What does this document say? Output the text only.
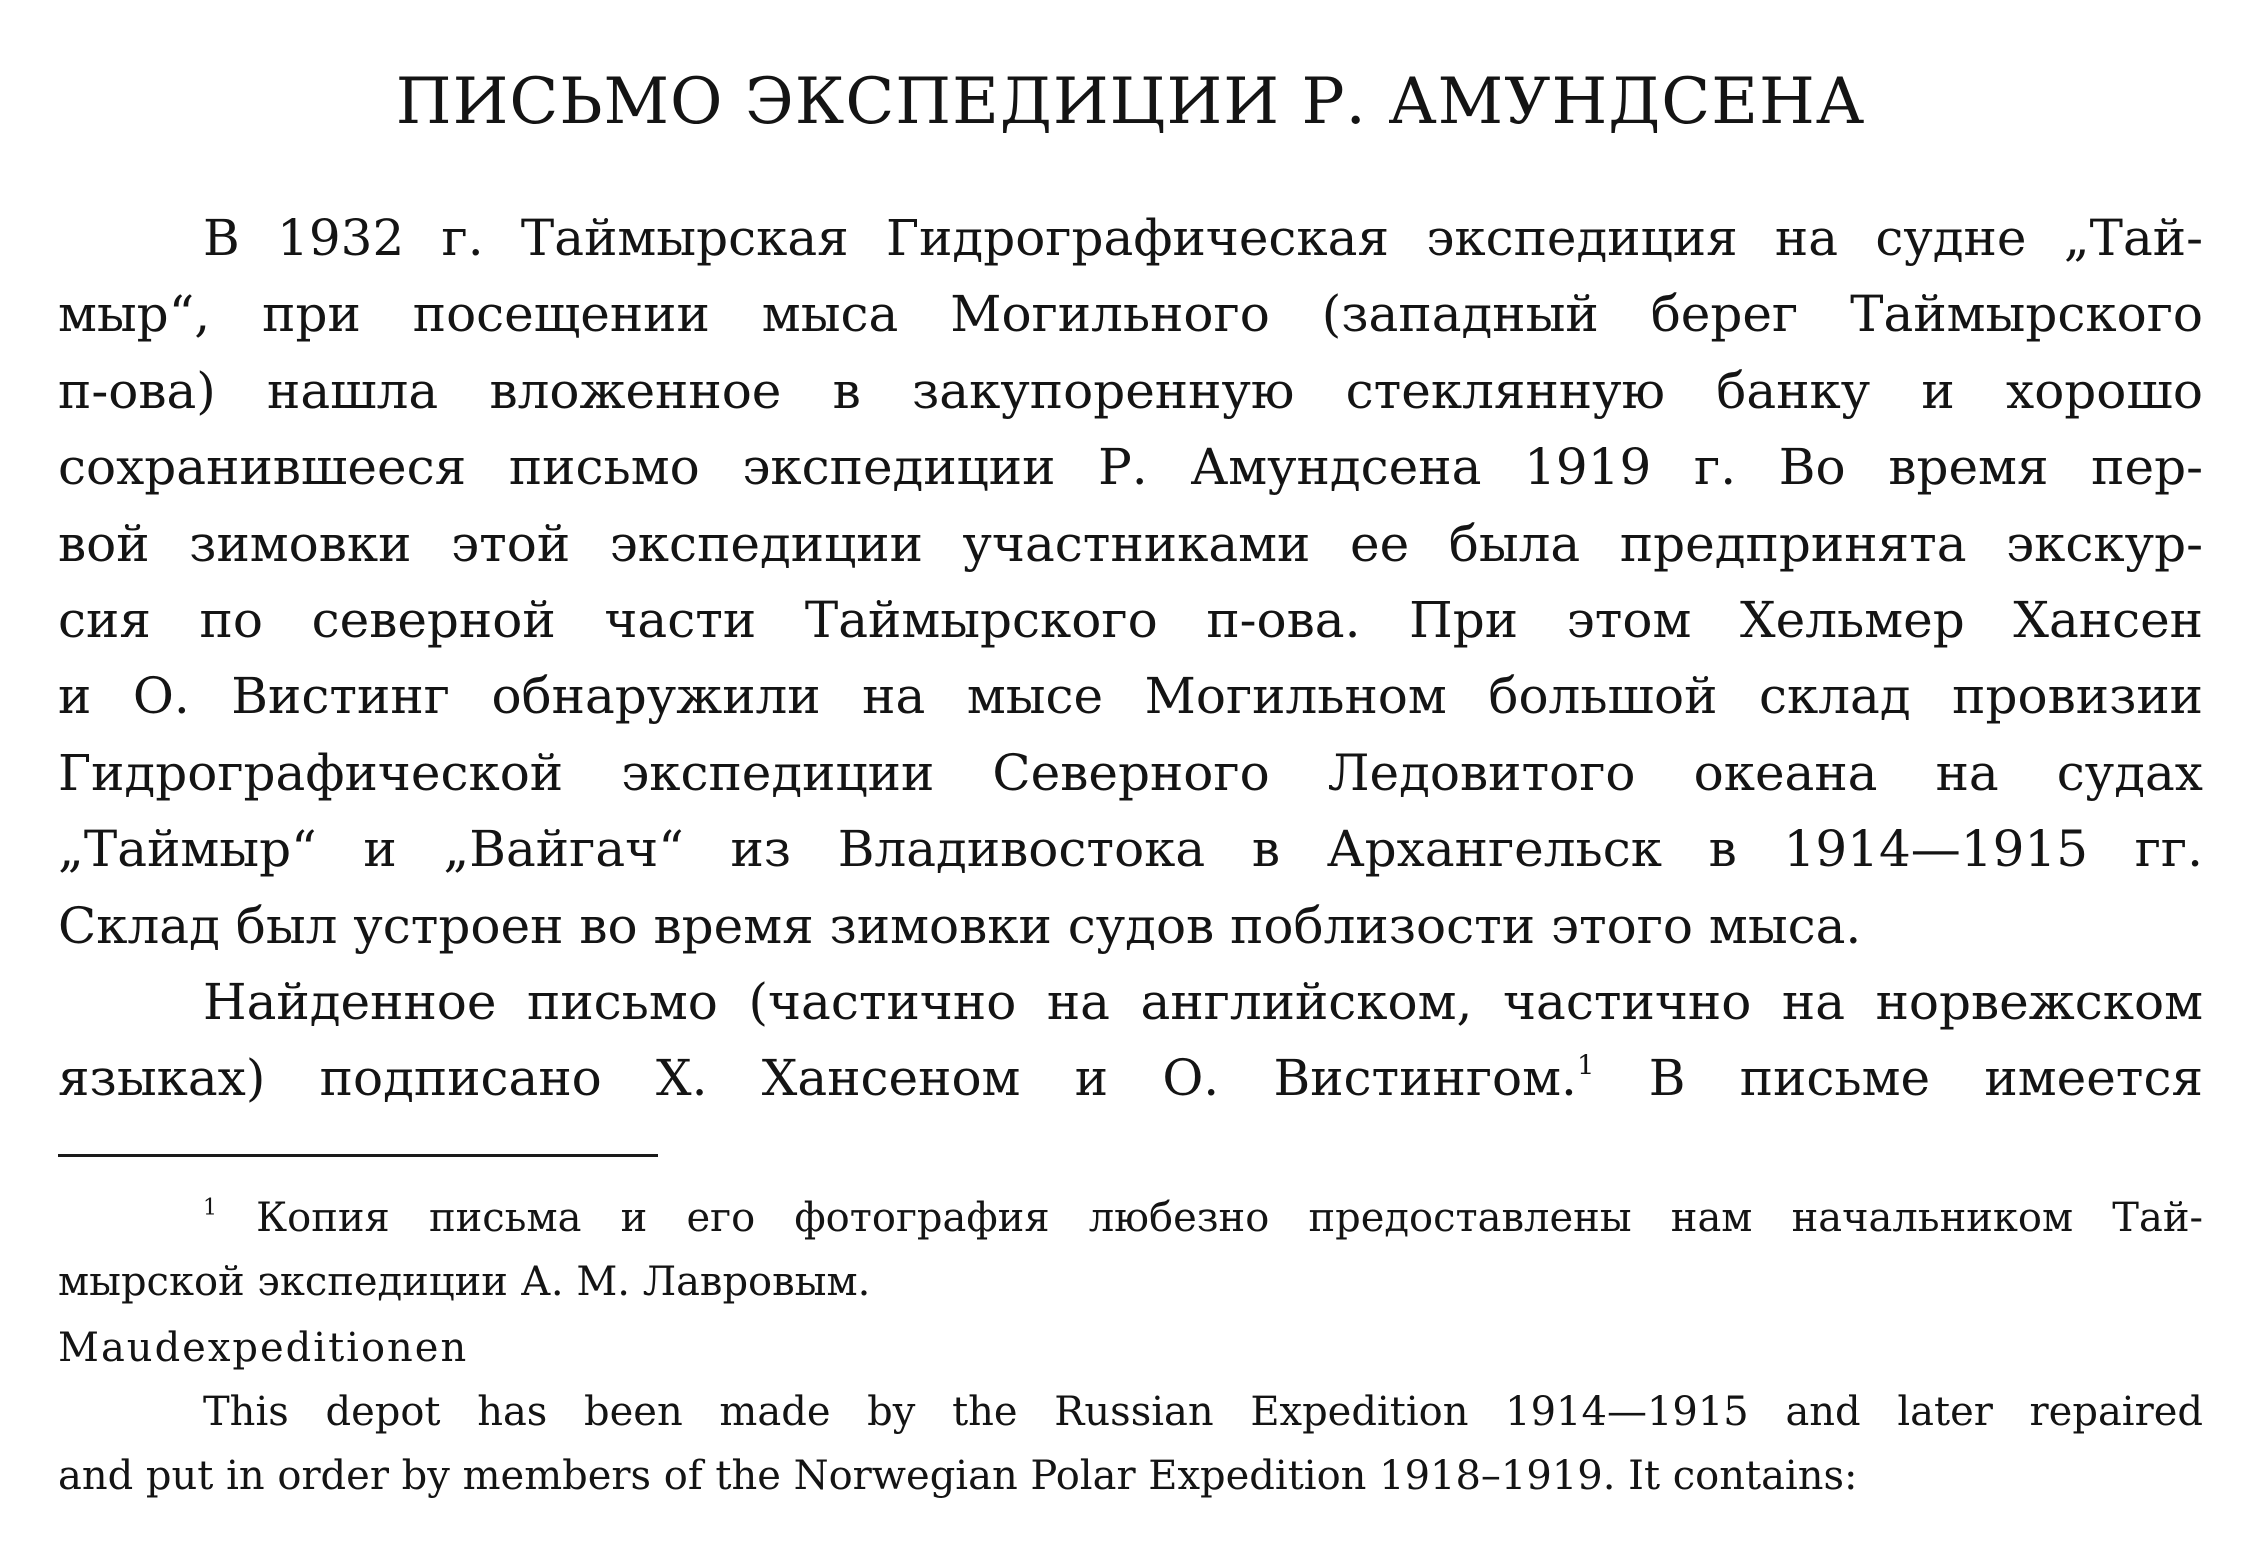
ПИСЬМО ЭКСПЕДИЦИИ Р. АМУНДСЕНА
В 1932 г. Таймырская Гидрографическая экспедиция на судне „Тай-
мыр“, при посещении мыса Могильного (западный берег Таймырского
п-ова) нашла вложенное в закупоренную стеклянную банку и хорошо
сохранившееся письмо экспедиции Р. Амундсена 1919 г. Во время пер-
вой зимовки этой экспедиции участниками ее была предпринята экскур-
сия по северной части Таймырского п-ова. При этом Хельмер Хансен
и О. Вистинг обнаружили на мысе Могильном большой склад провизии
Гидрографической экспедиции Северного Ледовитого океана на судах
„Таймыр“ и „Вайгач“ из Владивостока в Архангельск в 1914—1915 гг.
Склад был устроен во время зимовки судов поблизости этого мыса.
Найденное письмо (частично на английском, частично на норвежском
языках) подписано Х. Хансеном и О. Вистингом.$^1$ В письме имеется
$^1$ Копия письма и его фотография любезно предоставлены нам начальником Тай-
мырской экспедиции А. М. Лавровым.
Maudexpeditionen
This depot has been made by the Russian Expedition 1914—1915 and later repaired
and put in order by members of the Norwegian Polar Expedition 1918–1919. It contains:
